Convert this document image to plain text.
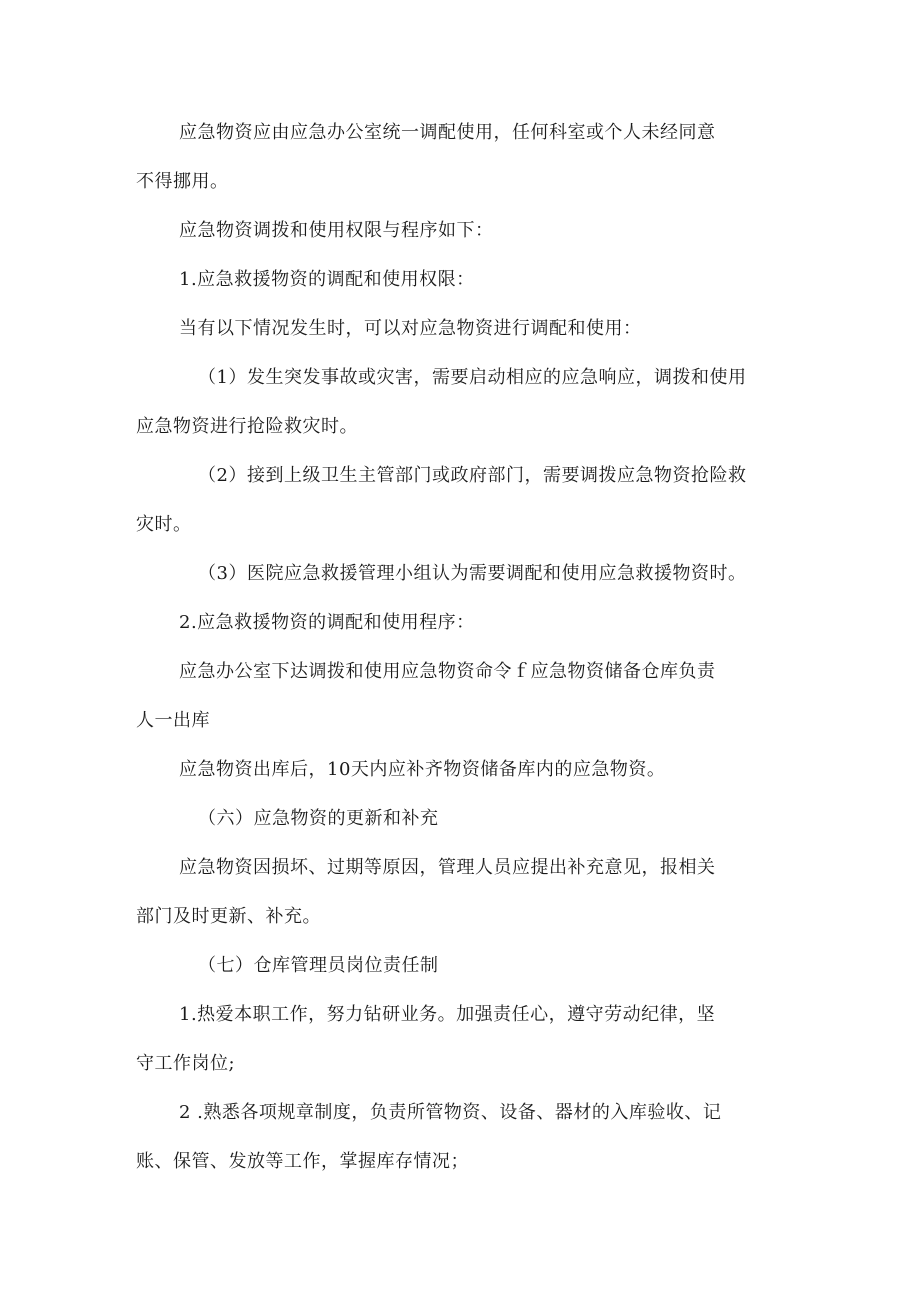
应急物资应由应急办公室统一调配使用，任何科室或个人未经同意
不得挪用。
应急物资调拨和使用权限与程序如下：
1.应急救援物资的调配和使用权限：
当有以下情况发生时，可以对应急物资进行调配和使用：
（1）发生突发事故或灾害，需要启动相应的应急响应，调拨和使用
应急物资进行抢险救灾时。
（2）接到上级卫生主管部门或政府部门，需要调拨应急物资抢险救
灾时。
（3）医院应急救援管理小组认为需要调配和使用应急救援物资时。
2.应急救援物资的调配和使用程序：
应急办公室下达调拨和使用应急物资命令ｆ应急物资储备仓库负责
人一出库
应急物资出库后，10天内应补齐物资储备库内的应急物资。
（六）应急物资的更新和补充
应急物资因损坏、过期等原因，管理人员应提出补充意见，报相关
部门及时更新、补充。
（七）仓库管理员岗位责任制
1.热爱本职工作，努力钻研业务。加强责任心，遵守劳动纪律，坚
守工作岗位;
2 .熟悉各项规章制度，负责所管物资、设备、器材的入库验收、记
账、保管、发放等工作，掌握库存情况；
